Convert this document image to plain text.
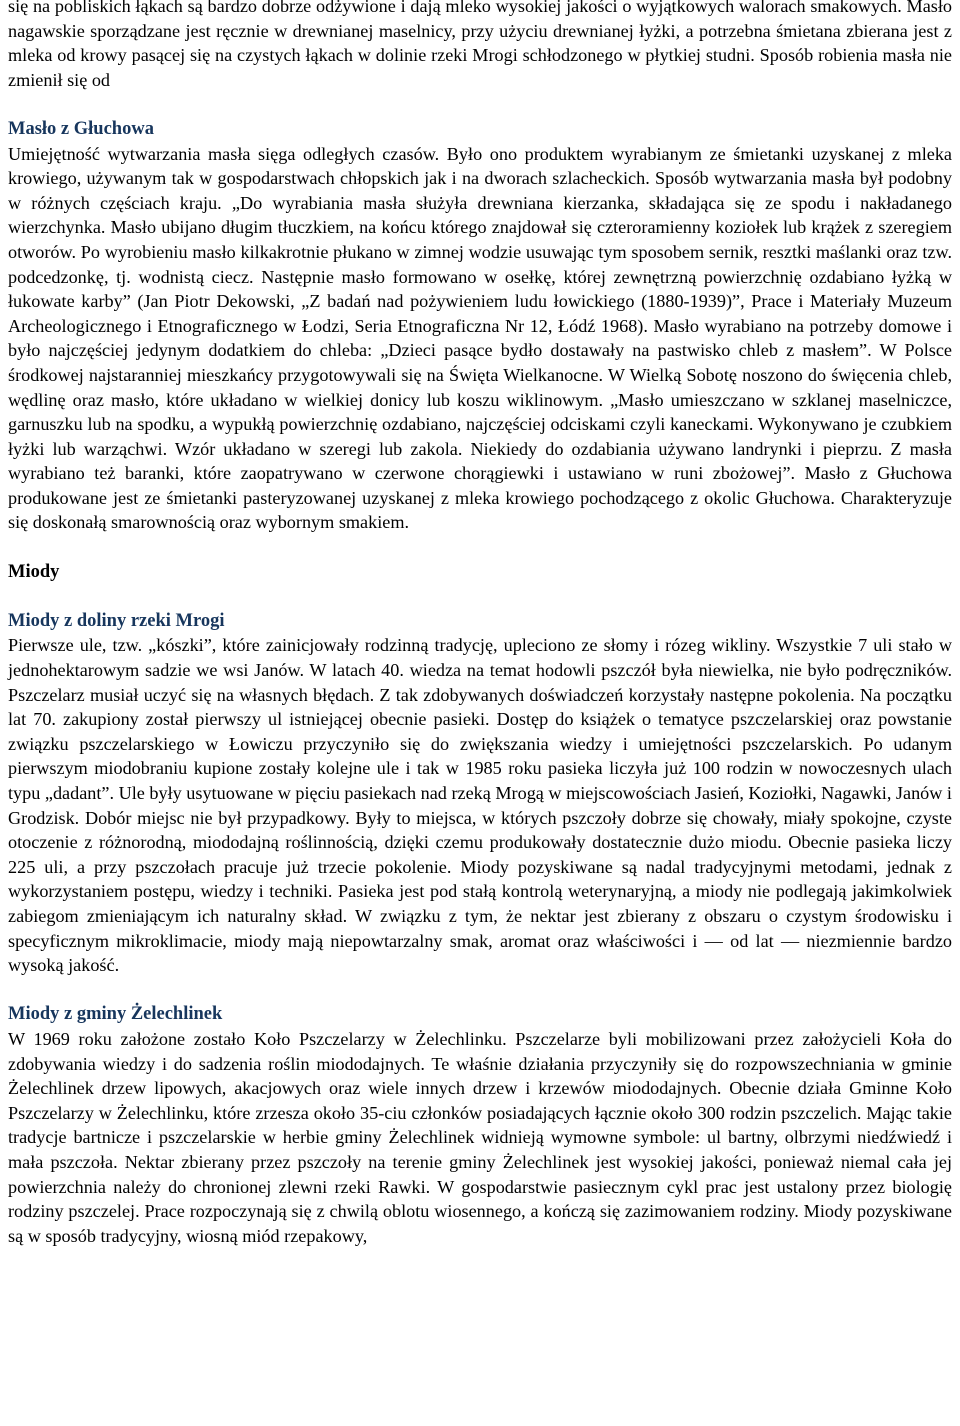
się na pobliskich łąkach są bardzo dobrze odżywione i dają mleko wysokiej jakości o wyjątkowych walorach smakowych. Masło nagawskie sporządzane jest ręcznie w drewnianej maselnicy, przy użyciu drewnianej łyżki, a potrzebna śmietana zbierana jest z mleka od krowy pasącej się na czystych łąkach w dolinie rzeki Mrogi schłodzonego w płytkiej studni. Sposób robienia masła nie zmienił się od

Masło z Głuchowa

Umiejętność wytwarzania masła sięga odległych czasów. Było ono produktem wyrabianym ze śmietanki uzyskanej z mleka krowiego, używanym tak w gospodarstwach chłopskich jak i na dworach szlacheckich. Sposób wytwarzania masła był podobny w różnych częściach kraju. „Do wyrabiania masła służyła drewniana kierzanka, składająca się ze spodu i nakładanego wierzchynka. Masło ubijano długim tłuczkiem, na końcu którego znajdował się czteroramienny koziołek lub krążek z szeregiem otworów. Po wyrobieniu masło kilkakrotnie płukano w zimnej wodzie usuwając tym sposobem sernik, resztki maślanki oraz tzw. podcedzonkę, tj. wodnistą ciecz. Następnie masło formowano w osełkę, której zewnętrzną powierzchnię ozdabiano łyżką w łukowate karby” (Jan Piotr Dekowski, „Z badań nad pożywieniem ludu łowickiego (1880-1939)”, Prace i Materiały Muzeum Archeologicznego i Etnograficznego w Łodzi, Seria Etnograficzna Nr 12, Łódź 1968). Masło wyrabiano na potrzeby domowe i było najczęściej jedynym dodatkiem do chleba: „Dzieci pasące bydło dostawały na pastwisko chleb z masłem”. W Polsce środkowej najstaranniej mieszkańcy przygotowywali się na Święta Wielkanocne. W Wielką Sobotę noszono do święcenia chleb, wędlinę oraz masło, które układano w wielkiej donicy lub koszu wiklinowym. „Masło umieszczano w szklanej maselniczce, garnuszku lub na spodku, a wypukłą powierzchnię ozdabiano, najczęściej odciskami czyli kaneckami. Wykonywano je czubkiem łyżki lub warząchwi. Wzór układano w szeregi lub zakola. Niekiedy do ozdabiania używano landrynki i pieprzu. Z masła wyrabiano też baranki, które zaopatrywano w czerwone chorągiewki i ustawiano w runi zbożowej”. Masło z Głuchowa produkowane jest ze śmietanki pasteryzowanej uzyskanej z mleka krowiego pochodzącego z okolic Głuchowa. Charakteryzuje się doskonałą smarownością oraz wybornym smakiem.

Miody
Miody z doliny rzeki Mrogi

Pierwsze ule, tzw. „kószki”, które zainicjowały rodzinną tradycję, upleciono ze słomy i rózeg wikliny. Wszystkie 7 uli stało w jednohektarowym sadzie we wsi Janów. W latach 40. wiedza na temat hodowli pszczół była niewielka, nie było podręczników. Pszczelarz musiał uczyć się na własnych błędach. Z tak zdobywanych doświadczeń korzystały następne pokolenia. Na początku lat 70. zakupiony został pierwszy ul istniejącej obecnie pasieki. Dostęp do książek o tematyce pszczelarskiej oraz powstanie związku pszczelarskiego w Łowiczu przyczyniło się do zwiększania wiedzy i umiejętności pszczelarskich. Po udanym pierwszym miodobraniu kupione zostały kolejne ule i tak w 1985 roku pasieka liczyła już 100 rodzin w nowoczesnych ulach typu „dadant”. Ule były usytuowane w pięciu pasiekach nad rzeką Mrogą w miejscowościach Jasień, Koziołki, Nagawki, Janów i Grodzisk. Dobór miejsc nie był przypadkowy. Były to miejsca, w których pszczoły dobrze się chowały, miały spokojne, czyste otoczenie z różnorodną, miododajną roślinnością, dzięki czemu produkowały dostatecznie dużo miodu. Obecnie pasieka liczy 225 uli, a przy pszczołach pracuje już trzecie pokolenie. Miody pozyskiwane są nadal tradycyjnymi metodami, jednak z wykorzystaniem postępu, wiedzy i techniki. Pasieka jest pod stałą kontrolą weterynaryjną, a miody nie podlegają jakimkolwiek zabiegom zmieniającym ich naturalny skład. W związku z tym, że nektar jest zbierany z obszaru o czystym środowisku i specyficznym mikroklimacie, miody mają niepowtarzalny smak, aromat oraz właściwości i — od lat — niezmiennie bardzo wysoką jakość.

Miody z gminy Żelechlinek

W 1969 roku założone zostało Koło Pszczelarzy w Żelechlinku. Pszczelarze byli mobilizowani przez założycieli Koła do zdobywania wiedzy i do sadzenia roślin miododajnych. Te właśnie działania przyczyniły się do rozpowszechniania w gminie Żelechlinek drzew lipowych, akacjowych oraz wiele innych drzew i krzewów miododajnych. Obecnie działa Gminne Koło Pszczelarzy w Żelechlinku, które zrzesza około 35-ciu członków posiadających łącznie około 300 rodzin pszczelich. Mając takie tradycje bartnicze i pszczelarskie w herbie gminy Żelechlinek widnieją wymowne symbole: ul bartny, olbrzymi niedźwiedź i mała pszczoła. Nektar zbierany przez pszczoły na terenie gminy Żelechlinek jest wysokiej jakości, ponieważ niemal cała jej powierzchnia należy do chronionej zlewni rzeki Rawki. W gospodarstwie pasiecznym cykl prac jest ustalony przez biologię rodziny pszczelej. Prace rozpoczynają się z chwilą oblotu wiosennego, a kończą się zazimowaniem rodziny. Miody pozyskiwane są w sposób tradycyjny, wiosną miód rzepakowy,
